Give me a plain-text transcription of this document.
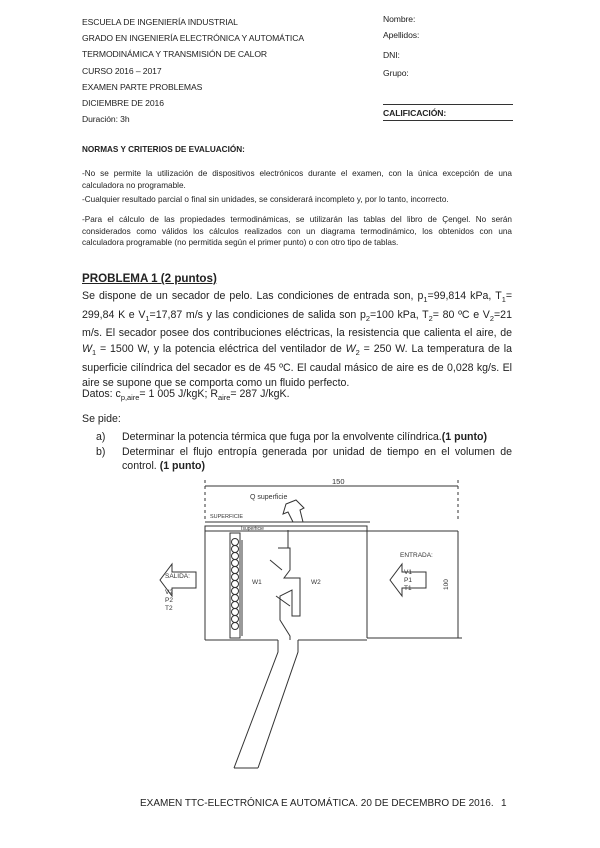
ESCUELA DE INGENIERÍA INDUSTRIAL
GRADO EN INGENIERÍA ELECTRÓNICA Y AUTOMÁTICA
TERMODINÁMICA Y TRANSMISIÓN DE CALOR
CURSO 2016 – 2017
EXAMEN PARTE PROBLEMAS
DICIEMBRE DE 2016
Duración: 3h
Nombre:
Apellidos:
DNI:
Grupo:
CALIFICACIÓN:
NORMAS Y CRITERIOS DE EVALUACIÓN:
-No se permite la utilización de dispositivos electrónicos durante el examen, con la única excepción de una calculadora no programable.
-Cualquier resultado parcial o final sin unidades, se considerará incompleto y, por lo tanto, incorrecto.
-Para el cálculo de las propiedades termodinámicas, se utilizarán las tablas del libro de Çengel. No serán considerados como válidos los cálculos realizados con un diagrama termodinámico, los obtenidos con una calculadora programable (no permitida según el primer punto) o con otro tipo de tablas.
PROBLEMA 1 (2 puntos)
Se dispone de un secador de pelo. Las condiciones de entrada son, $p_1=99,814$ kPa, $T_1= 299,84$ K e $V_1=17,87$ m/s y las condiciones de salida son $p_2=100$ kPa, $T_2= 80$ ºC e $V_2=21$ m/s. El secador posee dos contribuciones eléctricas, la resistencia que calienta el aire, de $W_1 = 1500$ W, y la potencia eléctrica del ventilador de $W_2 = 250$ W. La temperatura de la superficie cilíndrica del secador es de 45 ºC. El caudal másico de aire es de 0,028 kg/s. El aire se supone que se comporta como un fluido perfecto.
Datos: $c_{p,aire}= 1$ 005 J/kgK; $R_{aire}= 287$ J/kgK.
Se pide:
a) Determinar la potencia térmica que fuga por la envolvente cilíndrica.(1 punto)
b) Determinar el flujo entropía generada por unidad de tiempo en el volumen de control. (1 punto)
150
Q superficie
SUPERFICIE
Tsuperficie
SALIDA:
V2
P2
T2
ENTRADA:
V1
P1
T1
W1	W2	100
EXAMEN TTC-ELECTRÓNICA E AUTOMÁTICA. 20 DE DECEMBRO DE 2016. 1
